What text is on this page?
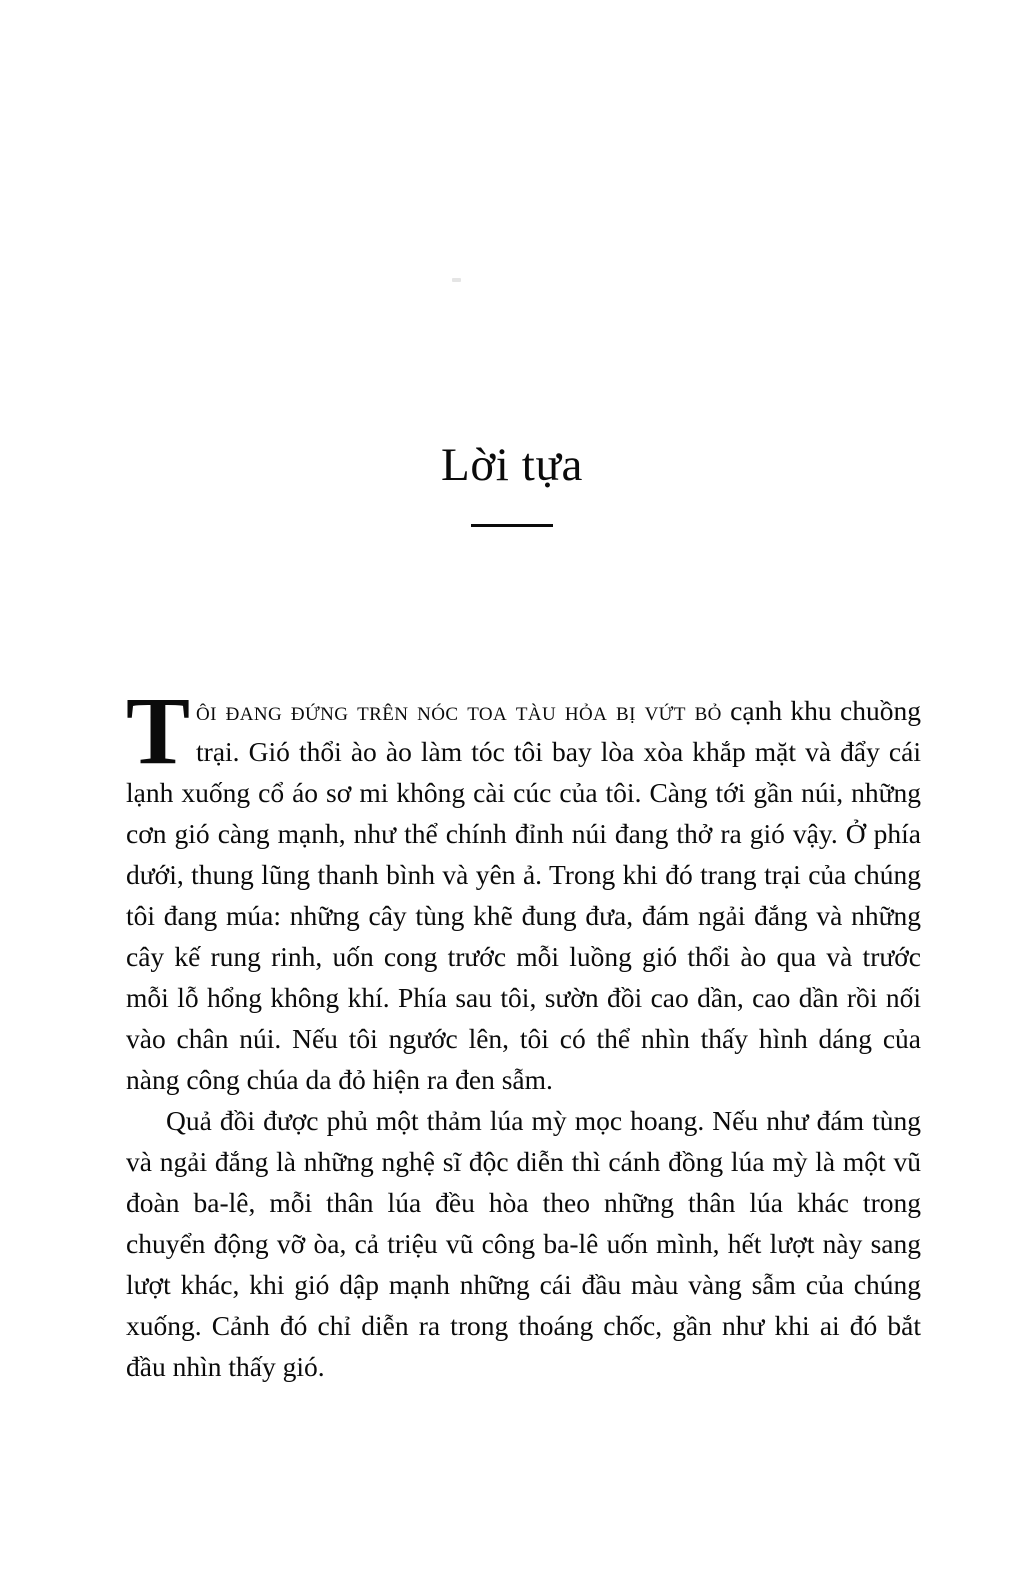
Lời tựa

Tôi đang đứng trên nóc toa tàu hỏa bị vứt bỏ cạnh khu chuồng trại. Gió thổi ào ào làm tóc tôi bay lòa xòa khắp mặt và đẩy cái lạnh xuống cổ áo sơ mi không cài cúc của tôi. Càng tới gần núi, những cơn gió càng mạnh, như thể chính đỉnh núi đang thở ra gió vậy. Ở phía dưới, thung lũng thanh bình và yên ả. Trong khi đó trang trại của chúng tôi đang múa: những cây tùng khẽ đung đưa, đám ngải đắng và những cây kế rung rinh, uốn cong trước mỗi luồng gió thổi ào qua và trước mỗi lỗ hổng không khí. Phía sau tôi, sườn đồi cao dần, cao dần rồi nối vào chân núi. Nếu tôi ngước lên, tôi có thể nhìn thấy hình dáng của nàng công chúa da đỏ hiện ra đen sẫm.

Quả đồi được phủ một thảm lúa mỳ mọc hoang. Nếu như đám tùng và ngải đắng là những nghệ sĩ độc diễn thì cánh đồng lúa mỳ là một vũ đoàn ba-lê, mỗi thân lúa đều hòa theo những thân lúa khác trong chuyển động vỡ òa, cả triệu vũ công ba-lê uốn mình, hết lượt này sang lượt khác, khi gió dập mạnh những cái đầu màu vàng sẫm của chúng xuống. Cảnh đó chỉ diễn ra trong thoáng chốc, gần như khi ai đó bắt đầu nhìn thấy gió.
